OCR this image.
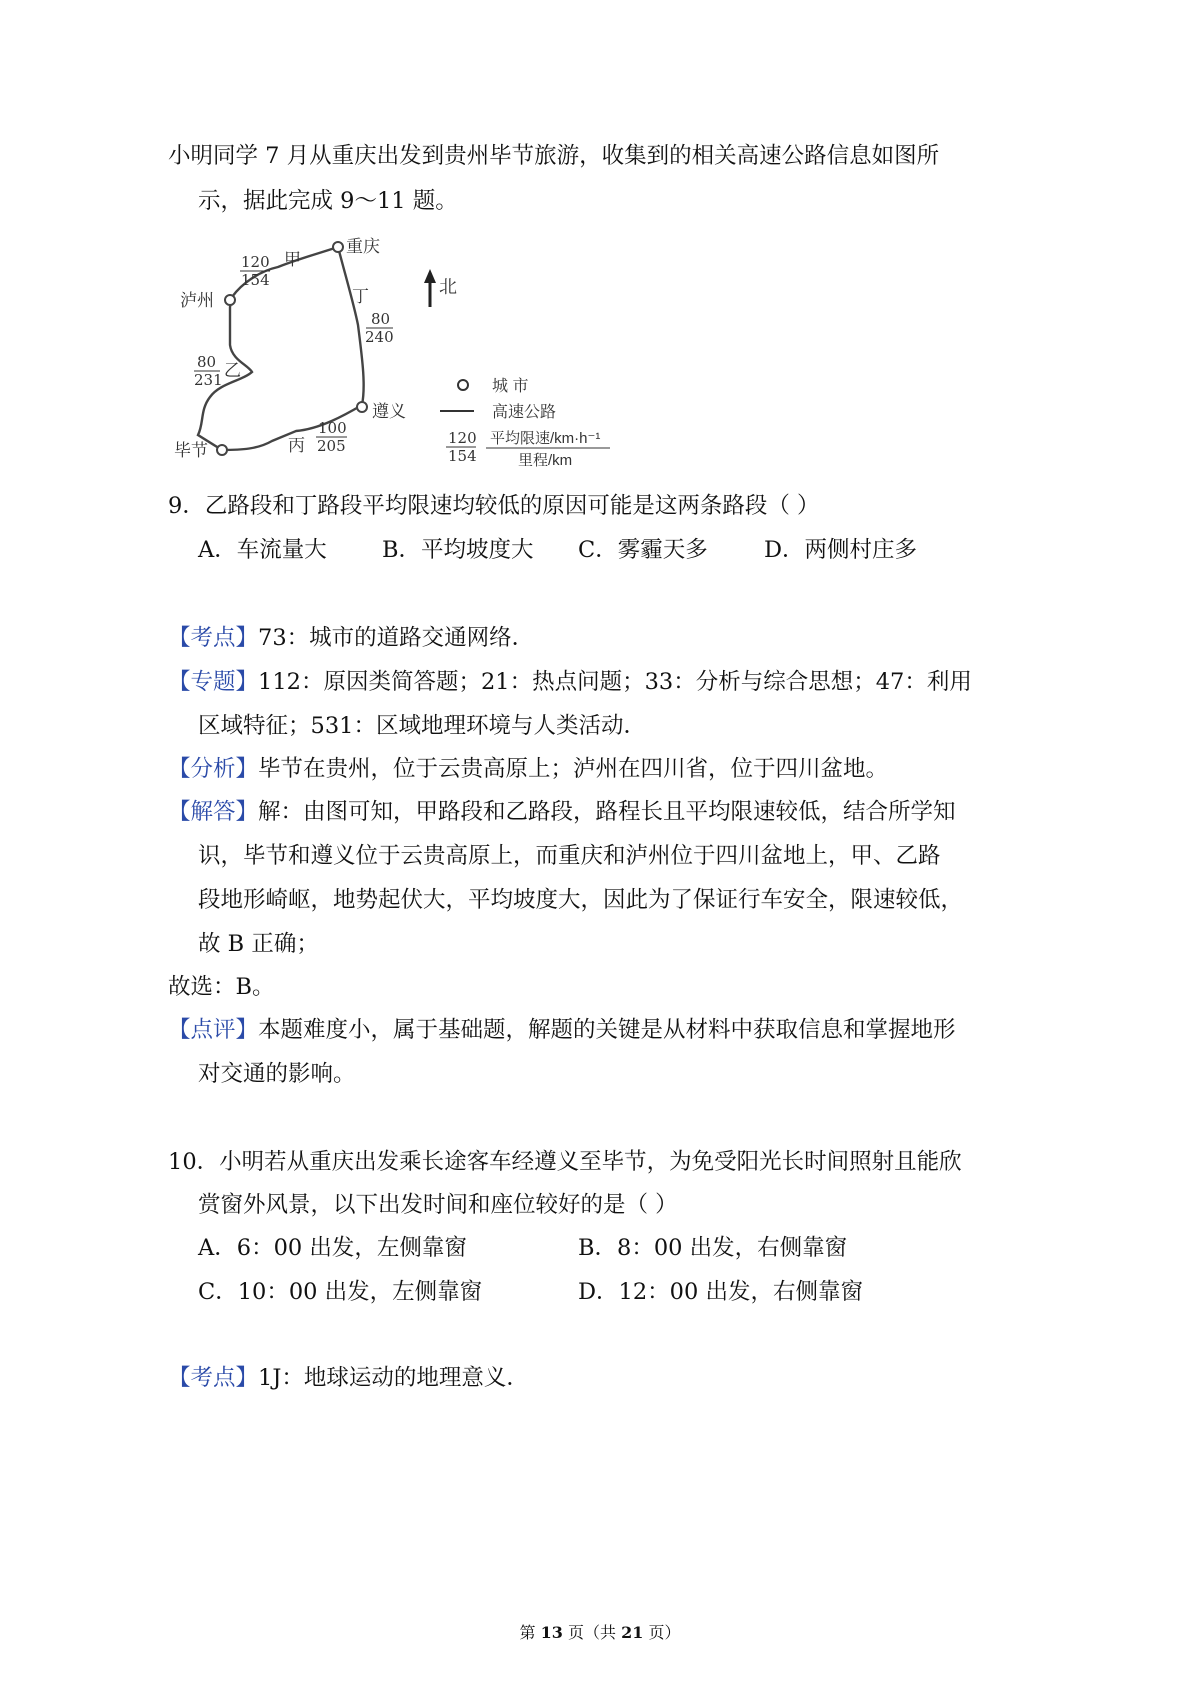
小明同学 7 月从重庆出发到贵州毕节旅游，收集到的相关高速公路信息如图所
示，据此完成 9～11 题。
重庆
泸州
遵义
毕节
120
154
甲
80
231 乙
丙
100
205
丁
80
240
北
城 市
高速公路
120
154
平均限速/km·h⁻¹
里程/km
9．乙路段和丁路段平均限速均较低的原因可能是这两条路段（ ）
A．车流量大 B．平均坡度大 C．雾霾天多	D．两侧村庄多
【考点】73：城市的道路交通网络．
【专题】112：原因类简答题；21：热点问题；33：分析与综合思想；47：利用
区域特征；531：区域地理环境与人类活动．
【分析】毕节在贵州，位于云贵高原上；泸州在四川省，位于四川盆地。
【解答】解：由图可知，甲路段和乙路段，路程长且平均限速较低，结合所学知
识，毕节和遵义位于云贵高原上，而重庆和泸州位于四川盆地上，甲、乙路
段地形崎岖，地势起伏大，平均坡度大，因此为了保证行车安全，限速较低，
故 B 正确；
故选：B。
【点评】本题难度小，属于基础题，解题的关键是从材料中获取信息和掌握地形
对交通的影响。
10．小明若从重庆出发乘长途客车经遵义至毕节，为免受阳光长时间照射且能欣
赏窗外风景，以下出发时间和座位较好的是（ ）
A．6：00 出发，左侧靠窗	B．8：00 出发，右侧靠窗
C．10：00 出发，左侧靠窗	D．12：00 出发，右侧靠窗
【考点】1J：地球运动的地理意义．
第 13 页（共 21 页）
